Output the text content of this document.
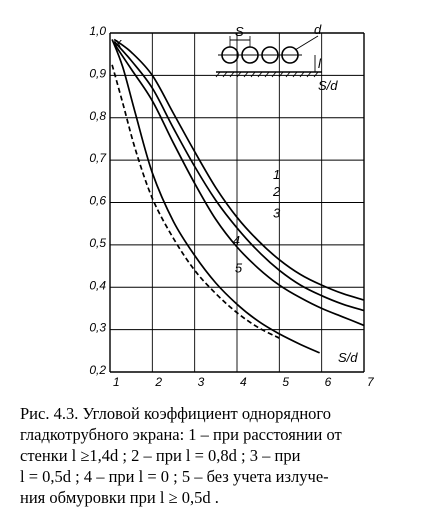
1	2	3	4	5	6	7
0,2
0,3
0,4
0,5
0,6
0,7
0,8
0,9
1,0
1
2
3
4
5
x
S/d
S	d
l
S/d

Рис. 4.3. Угловой коэффициент однорядного

гладкотрубного экрана: 1 – при расстоянии от

стенки l ≥1,4d ; 2 – при l = 0,8d ; 3 – при

l = 0,5d ; 4 – при l = 0 ; 5 – без учета излуче-

ния обмуровки при l ≥ 0,5d .
